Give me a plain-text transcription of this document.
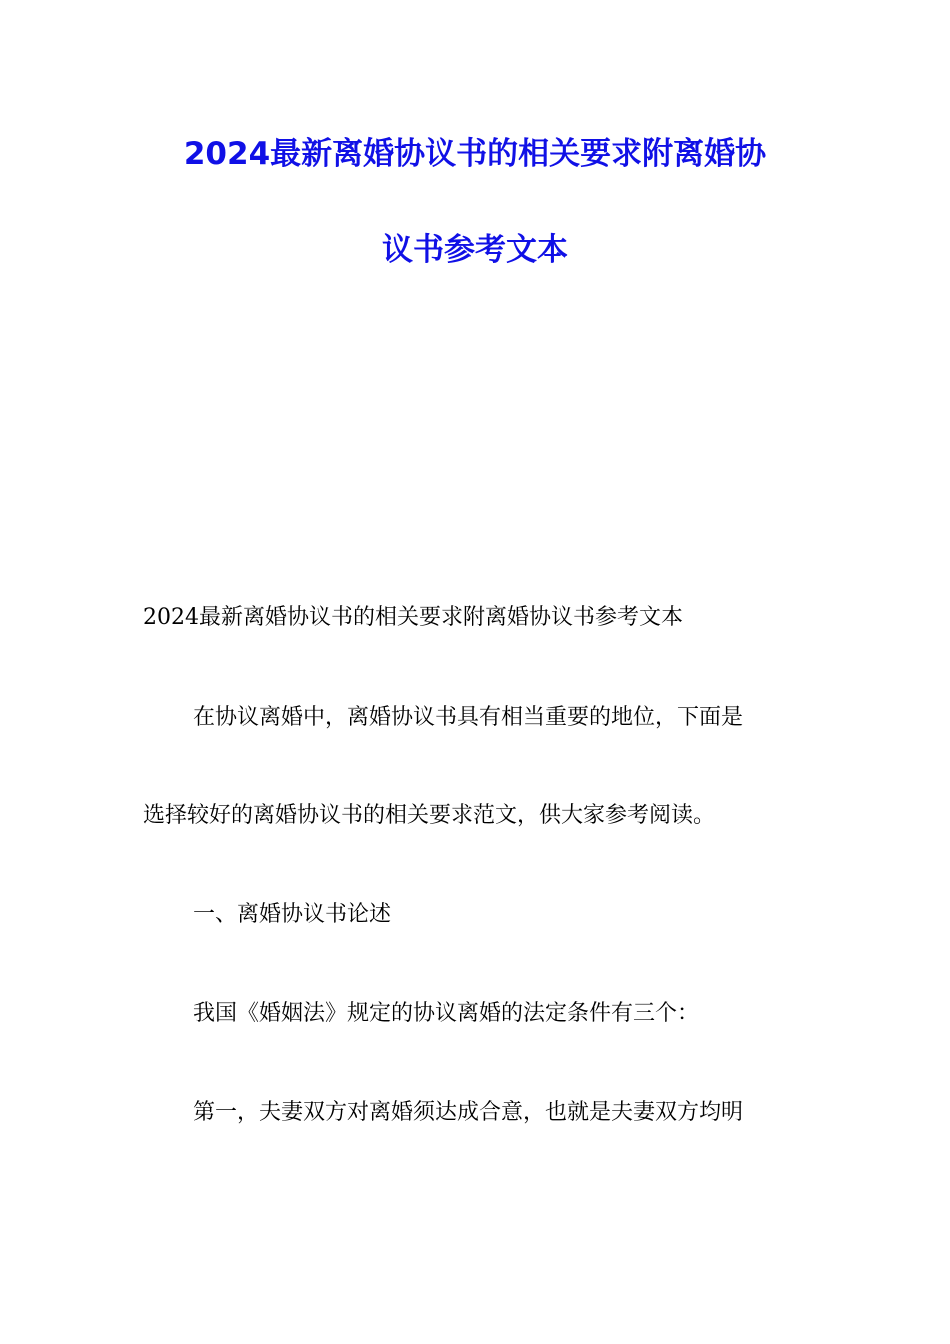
2024最新离婚协议书的相关要求附离婚协
议书参考文本
2024最新离婚协议书的相关要求附离婚协议书参考文本
在协议离婚中，离婚协议书具有相当重要的地位，下面是
选择较好的离婚协议书的相关要求范文，供大家参考阅读。
一、离婚协议书论述
我国《婚姻法》规定的协议离婚的法定条件有三个：
第一，夫妻双方对离婚须达成合意，也就是夫妻双方均明
